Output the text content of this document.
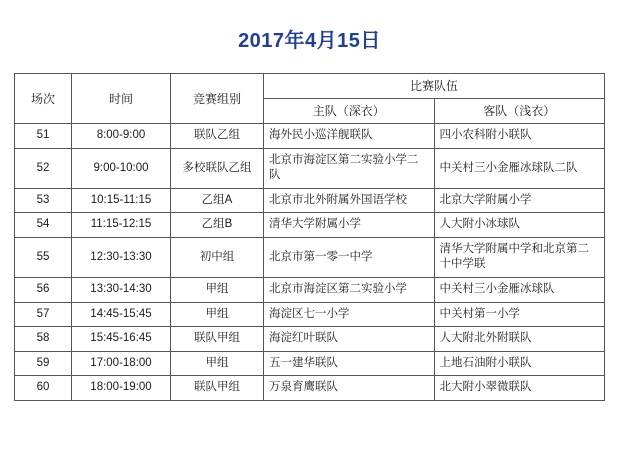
2017年4月15日
场次	时间	竞赛组别	比赛队伍	
			主队（深衣）	客队（浅衣）
51	8:00-9:00	联队乙组	海外民小巡洋舰联队	四小农科附小联队
52	9:00-10:00	多校联队乙组	北京市海淀区第二实验小学二队	中关村三小金雁冰球队二队
53	10:15-11:15	乙组A	北京市北外附属外国语学校	北京大学附属小学
54	11:15-12:15	乙组B	清华大学附属小学	人大附小冰球队
55	12:30-13:30	初中组	北京市第一零一中学	清华大学附属中学和北京第二十中学联
56	13:30-14:30	甲组	北京市海淀区第二实验小学	中关村三小金雁冰球队
57	14:45-15:45	甲组	海淀区七一小学	中关村第一小学
58	15:45-16:45	联队甲组	海淀红叶联队	人大附北外附联队
59	17:00-18:00	甲组	五一建华联队	上地石油附小联队
60	18:00-19:00	联队甲组	万泉育鹰联队	北大附小翠微联队
